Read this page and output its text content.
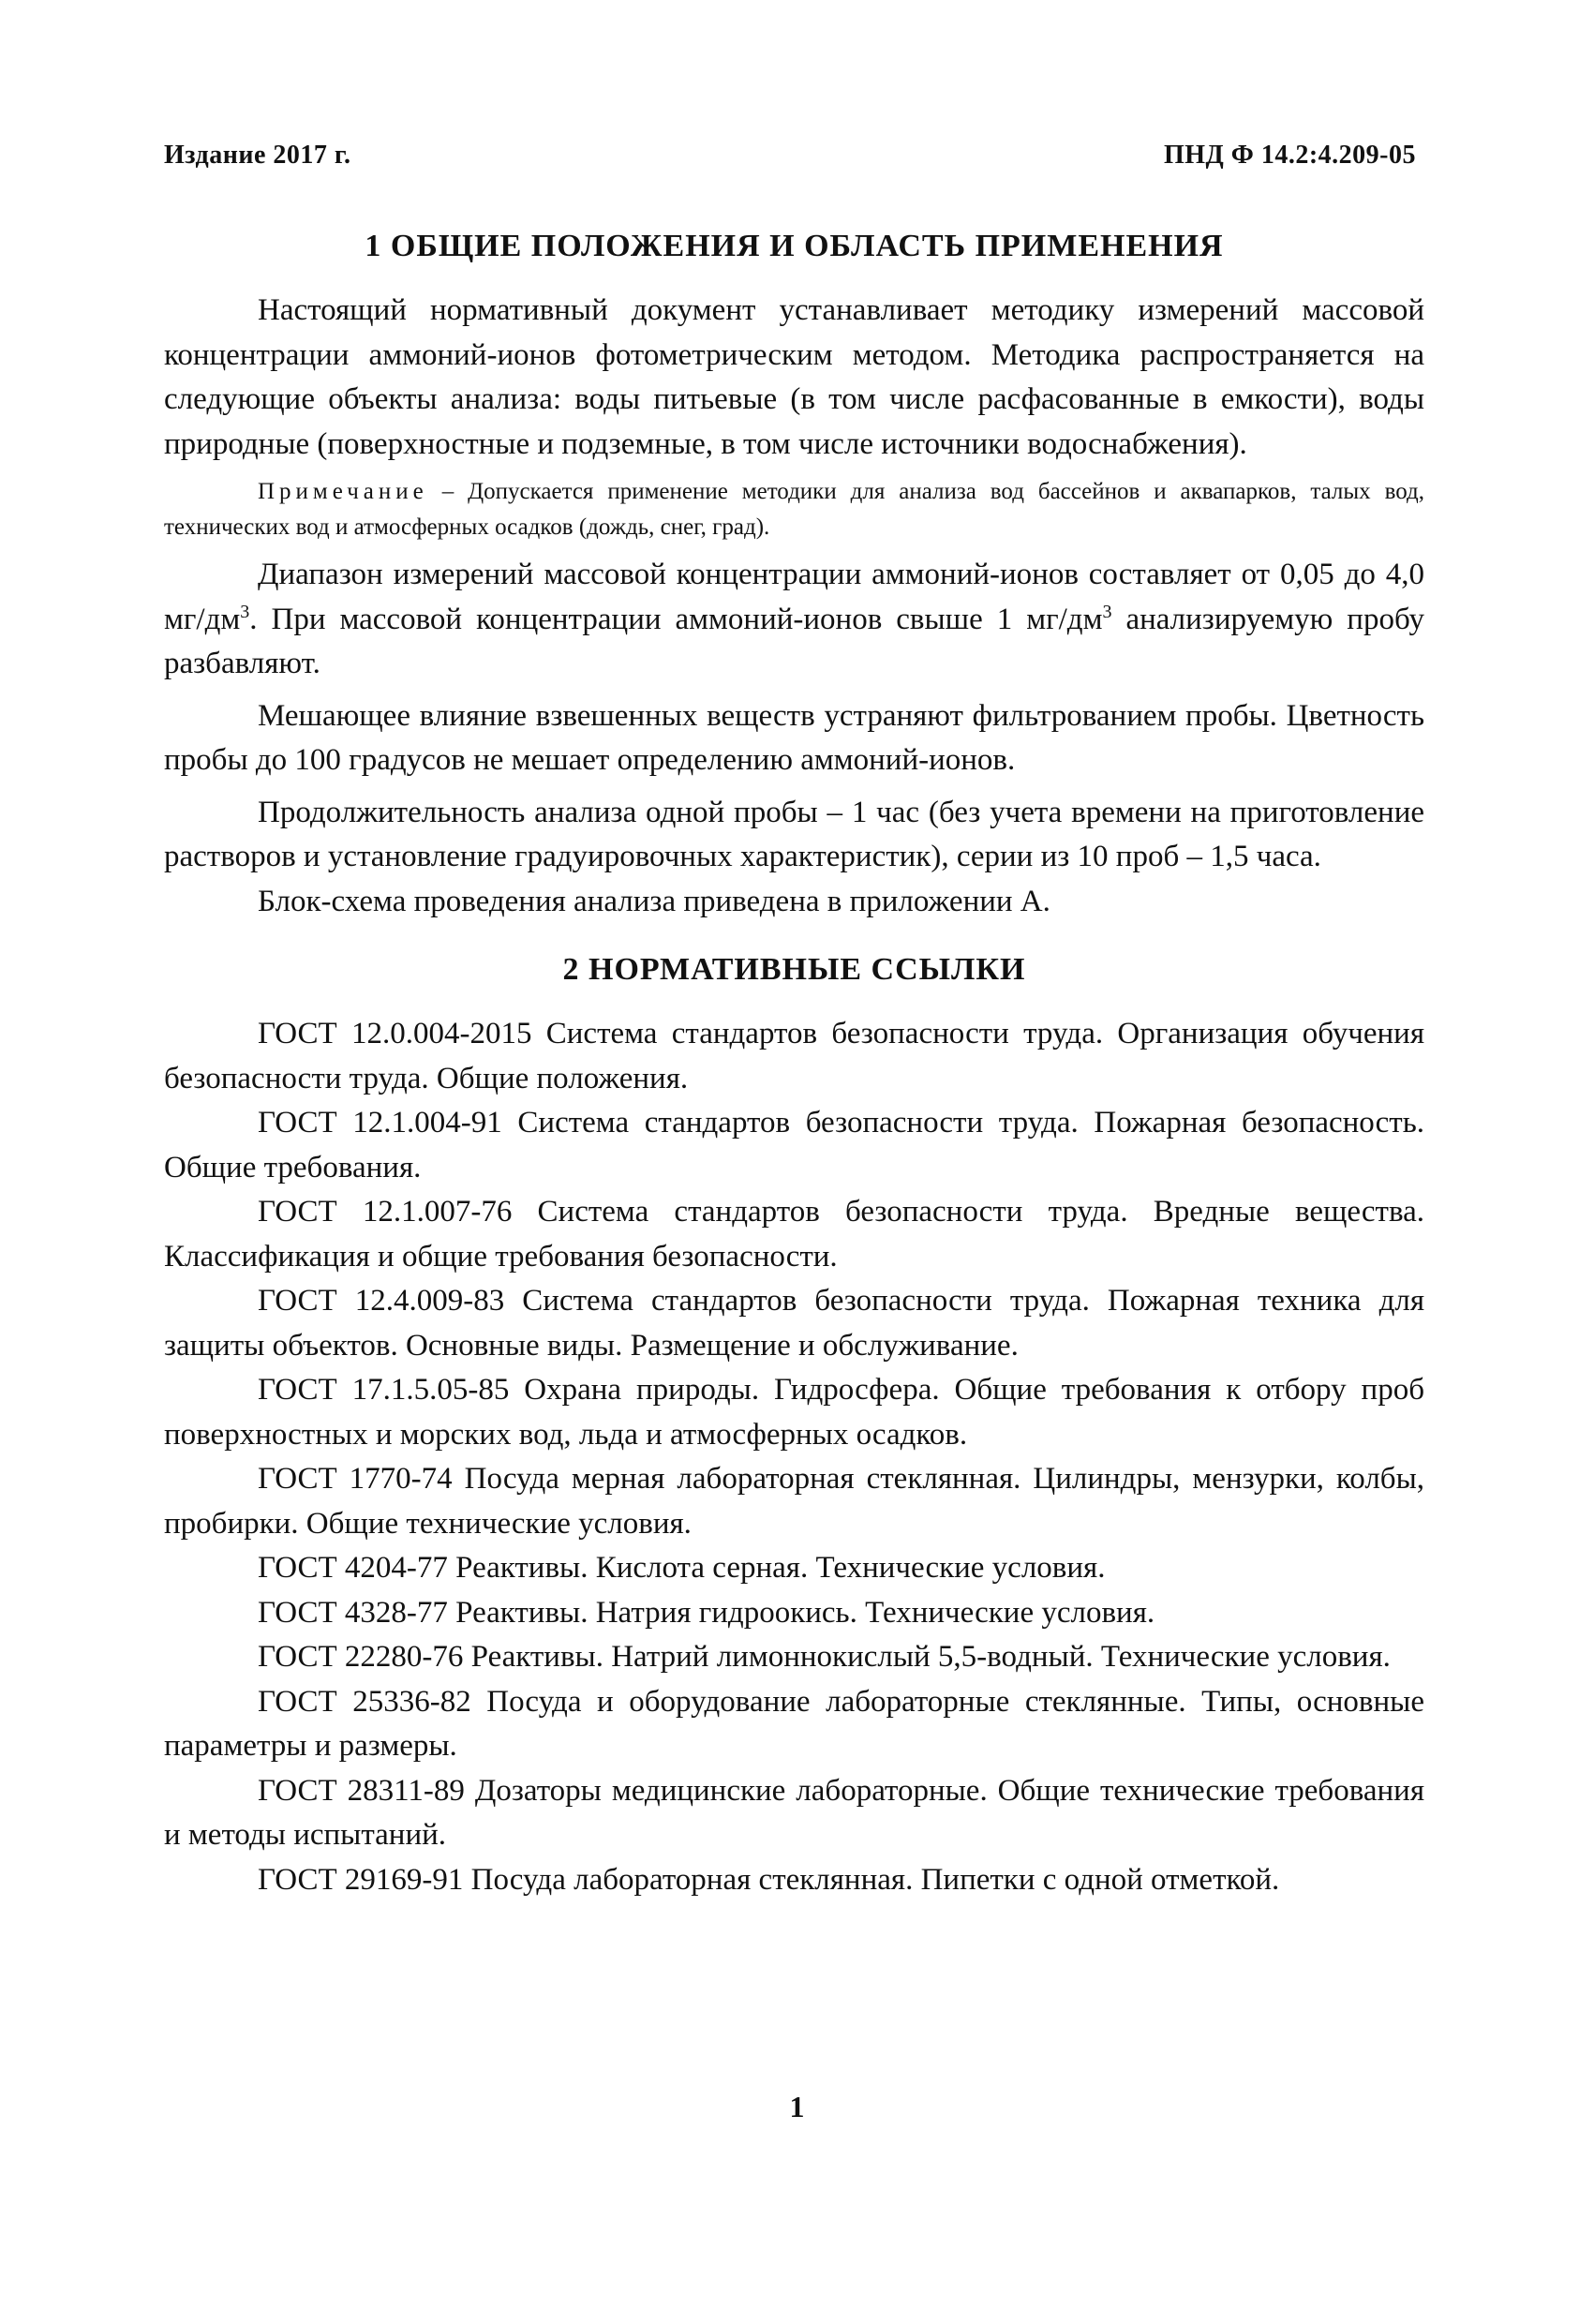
Издание 2017 г.	ПНД Ф 14.2:4.209-05
1 ОБЩИЕ ПОЛОЖЕНИЯ И ОБЛАСТЬ ПРИМЕНЕНИЯ

Настоящий нормативный документ устанавливает методику измерений массовой концентрации аммоний-ионов фотометрическим методом. Методика распространяется на следующие объекты анализа: воды питьевые (в том числе расфасованные в емкости), воды природные (поверхностные и подземные, в том числе источники водоснабжения).

Примечание – Допускается применение методики для анализа вод бассейнов и аквапарков, талых вод, технических вод и атмосферных осадков (дождь, снег, град).

Диапазон измерений массовой концентрации аммоний-ионов составляет от 0,05 до 4,0 $мг/дм^3$. При массовой концентрации аммоний-ионов свыше 1 $мг/дм^3$ анализируемую пробу разбавляют.

Мешающее влияние взвешенных веществ устраняют фильтрованием пробы. Цветность пробы до 100 градусов не мешает определению аммоний-ионов.

Продолжительность анализа одной пробы – 1 час (без учета времени на приготовление растворов и установление градуировочных характеристик), серии из 10 проб – 1,5 часа.

Блок-схема проведения анализа приведена в приложении А.

2 НОРМАТИВНЫЕ ССЫЛКИ

ГОСТ 12.0.004-2015 Система стандартов безопасности труда. Организация обучения безопасности труда. Общие положения.

ГОСТ 12.1.004-91 Система стандартов безопасности труда. Пожарная безопасность. Общие требования.

ГОСТ 12.1.007-76 Система стандартов безопасности труда. Вредные вещества. Классификация и общие требования безопасности.

ГОСТ 12.4.009-83 Система стандартов безопасности труда. Пожарная техника для защиты объектов. Основные виды. Размещение и обслуживание.

ГОСТ 17.1.5.05-85 Охрана природы. Гидросфера. Общие требования к отбору проб поверхностных и морских вод, льда и атмосферных осадков.

ГОСТ 1770-74 Посуда мерная лабораторная стеклянная. Цилиндры, мензурки, колбы, пробирки. Общие технические условия.

ГОСТ 4204-77 Реактивы. Кислота серная. Технические условия.

ГОСТ 4328-77 Реактивы. Натрия гидроокись. Технические условия.

ГОСТ 22280-76 Реактивы. Натрий лимоннокислый 5,5-водный. Технические условия.

ГОСТ 25336-82 Посуда и оборудование лабораторные стеклянные. Типы, основные параметры и размеры.

ГОСТ 28311-89 Дозаторы медицинские лабораторные. Общие технические требования и методы испытаний.

ГОСТ 29169-91 Посуда лабораторная стеклянная. Пипетки с одной отметкой.

1
